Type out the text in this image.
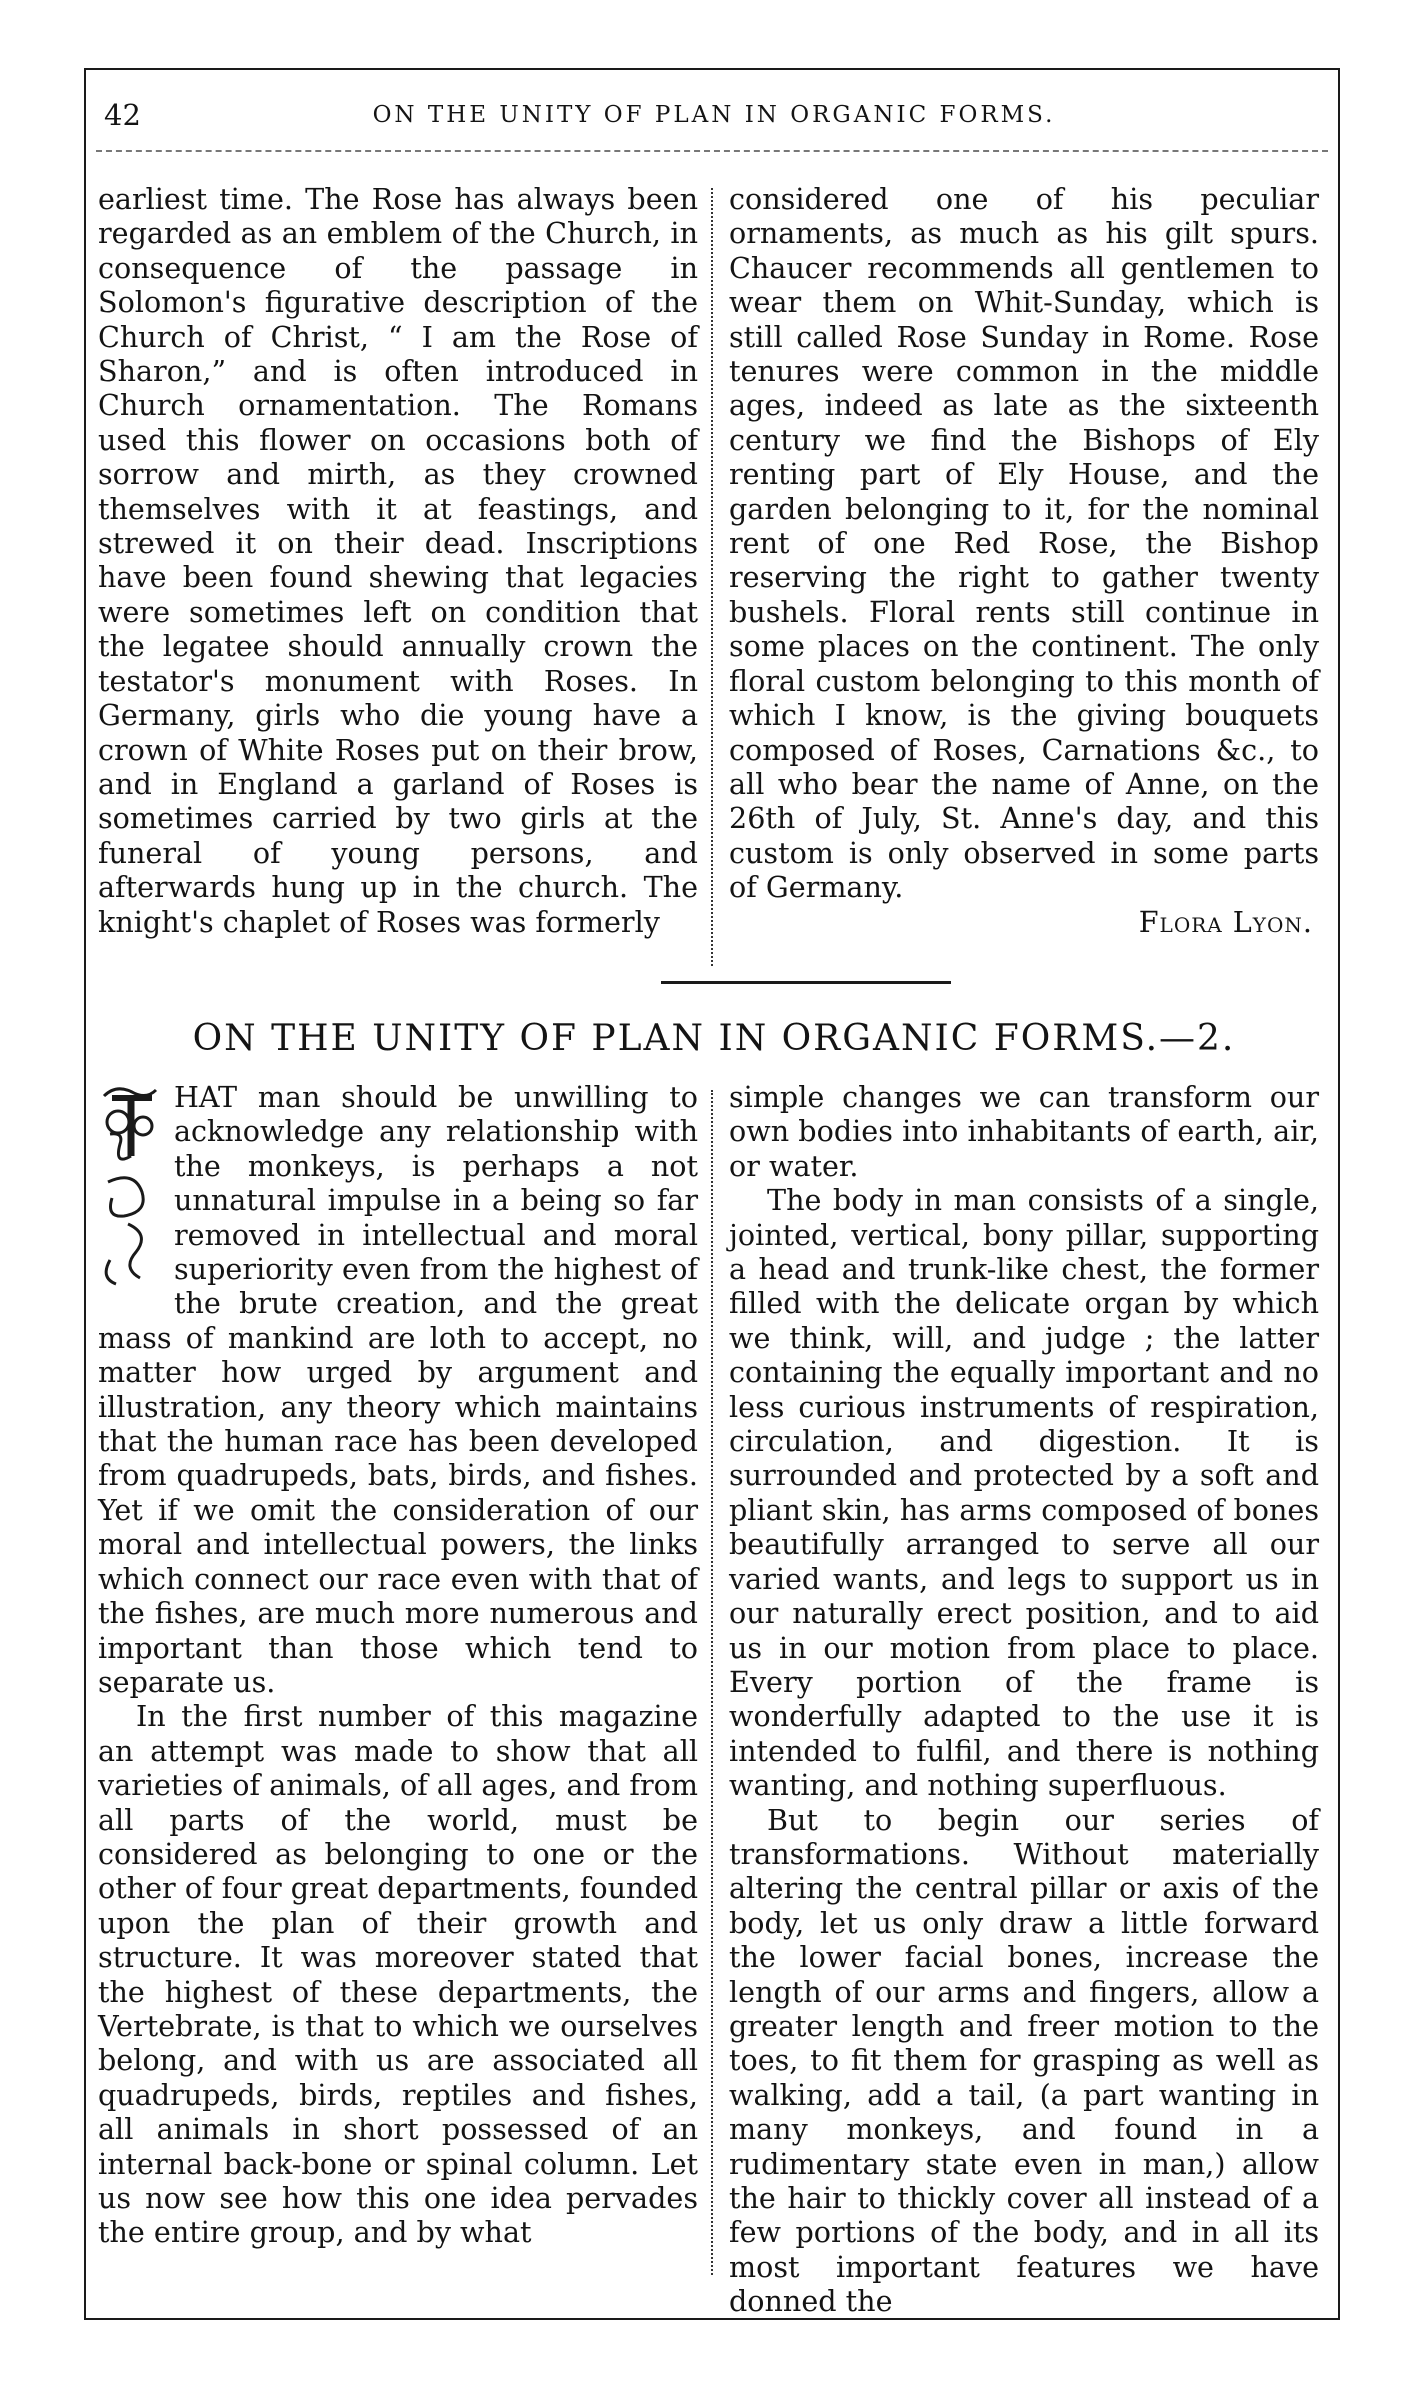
42	ON THE UNITY OF PLAN IN ORGANIC FORMS.

earliest time. The Rose has always been regarded as an emblem of the Church, in consequence of the passage in Solomon's figurative description of the Church of Christ, “ I am the Rose of Sharon,” and is often introduced in Church ornamentation. The Romans used this flower on occasions both of sorrow and mirth, as they crowned themselves with it at feastings, and strewed it on their dead. Inscriptions have been found shewing that legacies were sometimes left on condition that the legatee should annually crown the testator's monument with Roses. In Germany, girls who die young have a crown of White Roses put on their brow, and in England a garland of Roses is sometimes carried by two girls at the funeral of young persons, and afterwards hung up in the church. The knight's chaplet of Roses was formerly

considered one of his peculiar ornaments, as much as his gilt spurs. Chaucer recommends all gentlemen to wear them on Whit-Sunday, which is still called Rose Sunday in Rome. Rose tenures were common in the middle ages, indeed as late as the sixteenth century we find the Bishops of Ely renting part of Ely House, and the garden belonging to it, for the nominal rent of one Red Rose, the Bishop reserving the right to gather twenty bushels. Floral rents still continue in some places on the continent. The only floral custom belonging to this month of which I know, is the giving bouquets composed of Roses, Carnations &c., to all who bear the name of Anne, on the 26th of July, St. Anne's day, and this custom is only observed in some parts of Germany.

Flora Lyon.
ON THE UNITY OF PLAN IN ORGANIC FORMS.—2.

HAT man should be unwilling to acknowledge any relationship with the monkeys, is perhaps a not unnatural impulse in a being so far removed in intellectual and moral superiority even from the highest of the brute creation, and the great mass of mankind are loth to accept, no matter how urged by argument and illustration, any theory which maintains that the human race has been developed from quadrupeds, bats, birds, and fishes. Yet if we omit the consideration of our moral and intellectual powers, the links which connect our race even with that of the fishes, are much more numerous and important than those which tend to separate us.

In the first number of this magazine an attempt was made to show that all varieties of animals, of all ages, and from all parts of the world, must be considered as belonging to one or the other of four great departments, founded upon the plan of their growth and structure. It was moreover stated that the highest of these departments, the Vertebrate, is that to which we ourselves belong, and with us are associated all quadrupeds, birds, reptiles and fishes, all animals in short possessed of an internal back-bone or spinal column. Let us now see how this one idea pervades the entire group, and by what

simple changes we can transform our own bodies into inhabitants of earth, air, or water.

The body in man consists of a single, jointed, vertical, bony pillar, supporting a head and trunk-like chest, the former filled with the delicate organ by which we think, will, and judge ; the latter containing the equally important and no less curious instruments of respiration, circulation, and digestion. It is surrounded and protected by a soft and pliant skin, has arms composed of bones beautifully arranged to serve all our varied wants, and legs to support us in our naturally erect position, and to aid us in our motion from place to place. Every portion of the frame is wonderfully adapted to the use it is intended to fulfil, and there is nothing wanting, and nothing superfluous.

But to begin our series of transformations. Without materially altering the central pillar or axis of the body, let us only draw a little forward the lower facial bones, increase the length of our arms and fingers, allow a greater length and freer motion to the toes, to fit them for grasping as well as walking, add a tail, (a part wanting in many monkeys, and found in a rudimentary state even in man,) allow the hair to thickly cover all instead of a few portions of the body, and in all its most important features we have donned the
